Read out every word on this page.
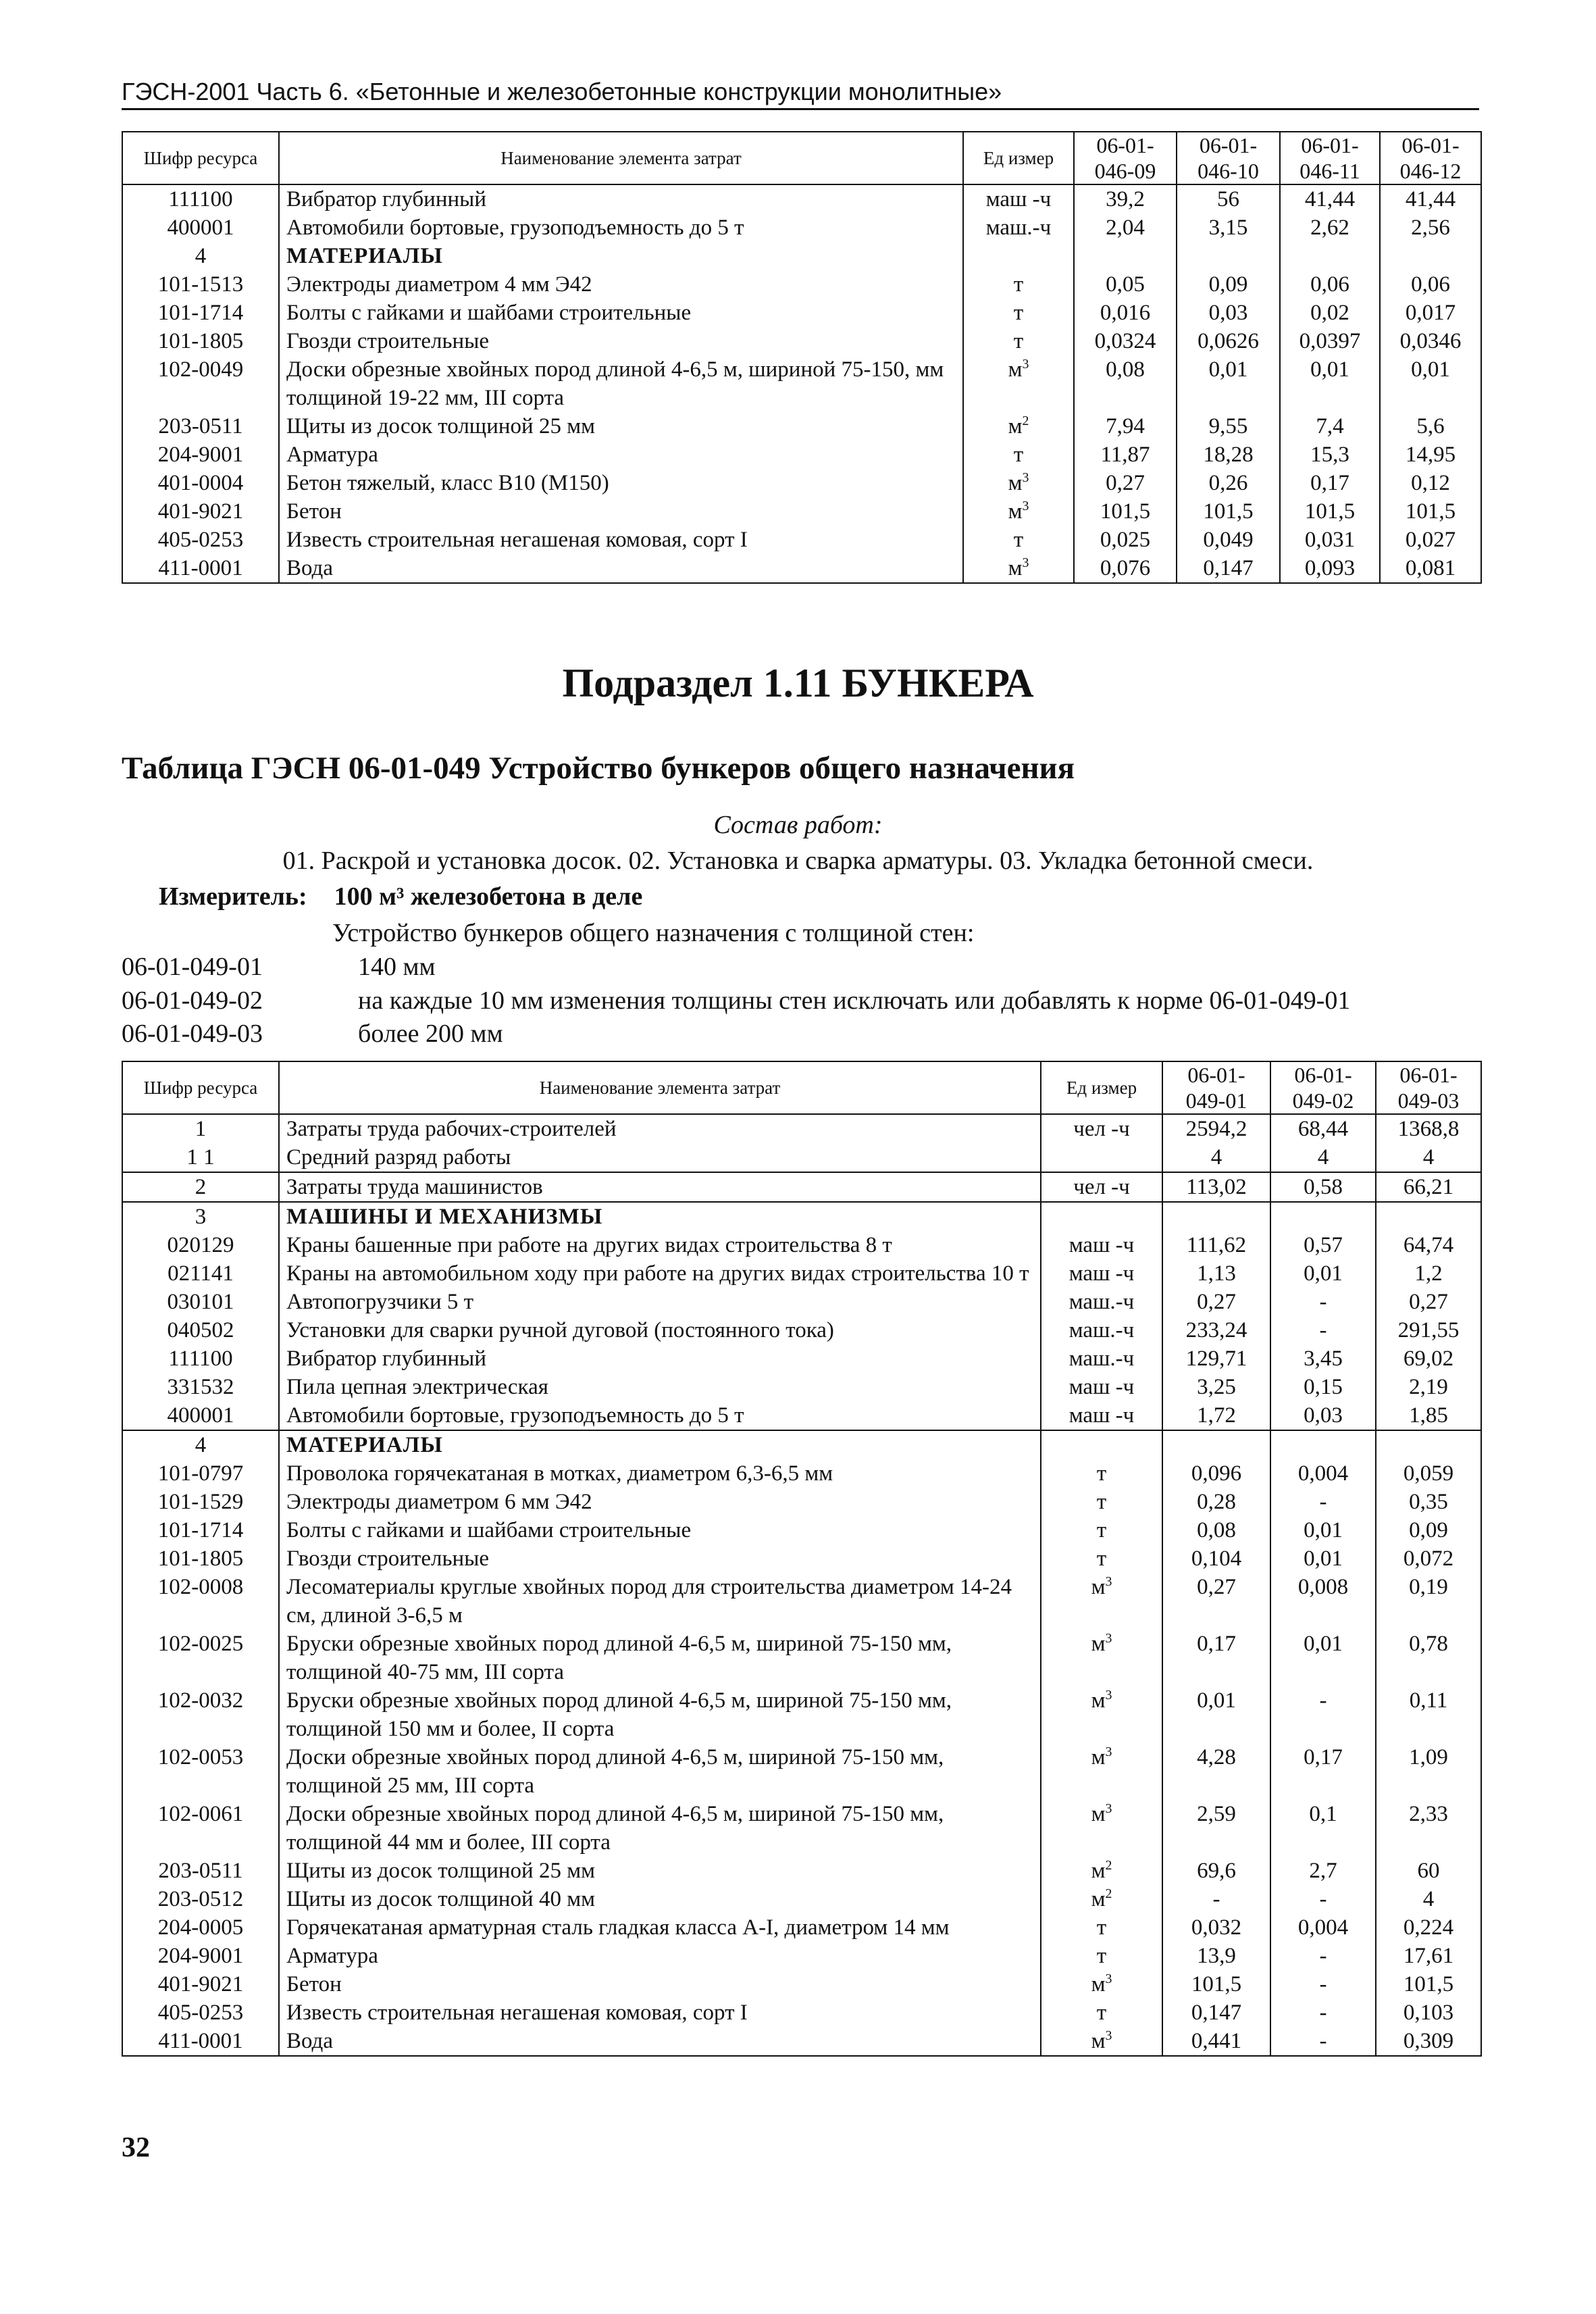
ГЭСН-2001 Часть 6. «Бетонные и железобетонные конструкции монолитные»
Шифр ресурса	Наименование элемента затрат	Ед измер	06-01-046-09	06-01-046-10	06-01-046-11	06-01-046-12
111100	Вибратор глубинный	маш -ч	39,2	56	41,44	41,44
400001	Автомобили бортовые, грузоподъемность до 5 т	маш.-ч	2,04	3,15	2,62	2,56
4	МАТЕРИАЛЫ					
101-1513	Электроды диаметром 4 мм Э42	т	0,05	0,09	0,06	0,06
101-1714	Болты с гайками и шайбами строительные	т	0,016	0,03	0,02	0,017
101-1805	Гвозди строительные	т	0,0324	0,0626	0,0397	0,0346
102-0049	Доски обрезные хвойных пород длиной 4-6,5 м, шириной 75-150, мм толщиной 19-22 мм, III сорта	$м^3$	0,08	0,01	0,01	0,01
203-0511	Щиты из досок толщиной 25 мм	$м^2$	7,94	9,55	7,4	5,6
204-9001	Арматура	т	11,87	18,28	15,3	14,95
401-0004	Бетон тяжелый, класс В10 (М150)	$м^3$	0,27	0,26	0,17	0,12
401-9021	Бетон	$м^3$	101,5	101,5	101,5	101,5
405-0253	Известь строительная негашеная комовая, сорт I	т	0,025	0,049	0,031	0,027
411-0001	Вода	$м^3$	0,076	0,147	0,093	0,081
Подраздел 1.11 БУНКЕРА
Таблица ГЭСН 06-01-049 Устройство бункеров общего назначения
Состав работ:
01. Раскрой и установка досок. 02. Установка и сварка арматуры. 03. Укладка бетонной смеси.
Измеритель: 100 м³ железобетона в деле
Устройство бункеров общего назначения с толщиной стен:
06-01-049-01	140 мм
06-01-049-02	на каждые 10 мм изменения толщины стен исключать или добавлять к норме 06-01-049-01
06-01-049-03	более 200 мм
Шифр ресурса	Наименование элемента затрат	Ед измер	06-01-049-01	06-01-049-02	06-01-049-03
1	Затраты труда рабочих-строителей	чел -ч	2594,2	68,44	1368,8
1 1	Средний разряд работы		4	4	4
2	Затраты труда машинистов	чел -ч	113,02	0,58	66,21
3	МАШИНЫ И МЕХАНИЗМЫ				
020129	Краны башенные при работе на других видах строительства 8 т	маш -ч	111,62	0,57	64,74
021141	Краны на автомобильном ходу при работе на других видах строительства 10 т	маш -ч	1,13	0,01	1,2
030101	Автопогрузчики 5 т	маш.-ч	0,27	-	0,27
040502	Установки для сварки ручной дуговой (постоянного тока)	маш.-ч	233,24	-	291,55
111100	Вибратор глубинный	маш.-ч	129,71	3,45	69,02
331532	Пила цепная электрическая	маш -ч	3,25	0,15	2,19
400001	Автомобили бортовые, грузоподъемность до 5 т	маш -ч	1,72	0,03	1,85
4	МАТЕРИАЛЫ				
101-0797	Проволока горячекатаная в мотках, диаметром 6,3-6,5 мм	т	0,096	0,004	0,059
101-1529	Электроды диаметром 6 мм Э42	т	0,28	-	0,35
101-1714	Болты с гайками и шайбами строительные	т	0,08	0,01	0,09
101-1805	Гвозди строительные	т	0,104	0,01	0,072
102-0008	Лесоматериалы круглые хвойных пород для строительства диаметром 14-24 см, длиной 3-6,5 м	$м^3$	0,27	0,008	0,19
102-0025	Бруски обрезные хвойных пород длиной 4-6,5 м, шириной 75-150 мм, толщиной 40-75 мм, III сорта	$м^3$	0,17	0,01	0,78
102-0032	Бруски обрезные хвойных пород длиной 4-6,5 м, шириной 75-150 мм, толщиной 150 мм и более, II сорта	$м^3$	0,01	-	0,11
102-0053	Доски обрезные хвойных пород длиной 4-6,5 м, шириной 75-150 мм, толщиной 25 мм, III сорта	$м^3$	4,28	0,17	1,09
102-0061	Доски обрезные хвойных пород длиной 4-6,5 м, шириной 75-150 мм, толщиной 44 мм и более, III сорта	$м^3$	2,59	0,1	2,33
203-0511	Щиты из досок толщиной 25 мм	$м^2$	69,6	2,7	60
203-0512	Щиты из досок толщиной 40 мм	$м^2$	-	-	4
204-0005	Горячекатаная арматурная сталь гладкая класса А-I, диаметром 14 мм	т	0,032	0,004	0,224
204-9001	Арматура	т	13,9	-	17,61
401-9021	Бетон	$м^3$	101,5	-	101,5
405-0253	Известь строительная негашеная комовая, сорт I	т	0,147	-	0,103
411-0001	Вода	$м^3$	0,441	-	0,309
32
